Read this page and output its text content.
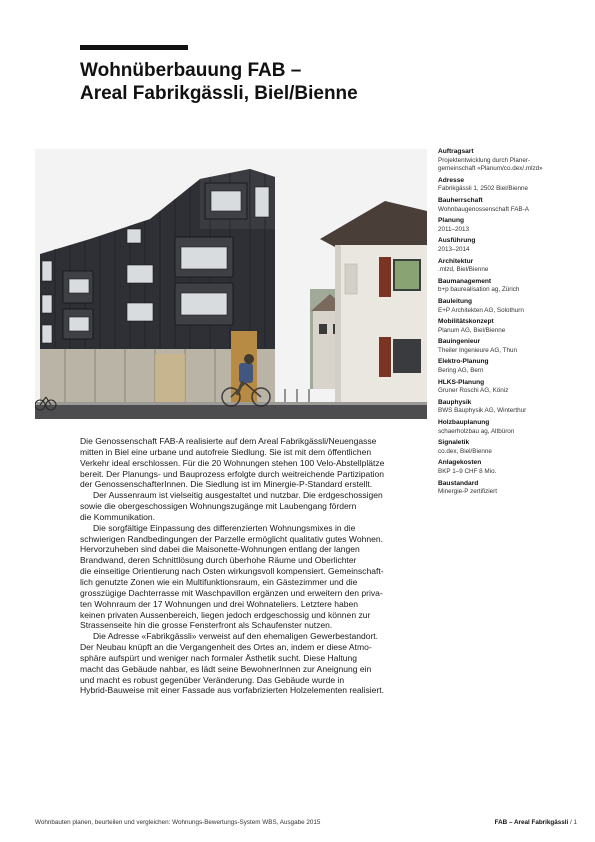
Wohnüberbauung FAB –
Areal Fabrikgässli, Biel/Bienne
Auftragsart
Projektentwicklung durch Planer-
gemeinschaft «Planum/co.dex/.mlzd»
Adresse
Fabrikgässli 1, 2502 Biel/Bienne
Bauherrschaft
Wohnbaugenossenschaft FAB-A
Planung
2011–2013
Ausführung
2013–2014
Architektur
.mlzd, Biel/Bienne
Baumanagement
b+p baurealisation ag, Zürich
Bauleitung
E+P Architekten AG, Solothurn
Mobilitätskonzept
Planum AG, Biel/Bienne
Bauingenieur
Theiler Ingenieure AG, Thun
Elektro-Planung
Bering AG, Bern
HLKS-Planung
Gruner Roschi AG, Köniz
Bauphysik
BWS Bauphysik AG, Winterthur
Holzbauplanung
schaerholzbau ag, Altbüron
Signaletik
co.dex, Biel/Bienne
Anlagekosten
BKP 1–9 CHF 8 Mio.
Baustandard
Minergie-P zertifiziert

Die Genossenschaft FAB-A realisierte auf dem Areal Fabrikgässli/Neuengasse
mitten in Biel eine urbane und autofreie Siedlung. Sie ist mit dem öffentlichen
Verkehr ideal erschlossen. Für die 20 Wohnungen stehen 100 Velo-Abstellplätze
bereit. Der Planungs- und Bauprozess erfolgte durch weitreichende Partizipation
der GenossenschafterInnen. Die Siedlung ist im Minergie-P-Standard erstellt.

Der Aussenraum ist vielseitig ausgestaltet und nutzbar. Die erdgeschossigen
sowie die obergeschossigen Wohnungszugänge mit Laubengang fördern
die Kommunikation.

Die sorgfältige Einpassung des differenzierten Wohnungsmixes in die
schwierigen Randbedingungen der Parzelle ermöglicht qualitativ gutes Wohnen.
Hervorzuheben sind dabei die Maisonette-Wohnungen entlang der langen
Brandwand, deren Schnittlösung durch überhohe Räume und Oberlichter
die einseitige Orientierung nach Osten wirkungsvoll kompensiert. Gemeinschaft-
lich genutzte Zonen wie ein Multifunktionsraum, ein Gästezimmer und die
grosszügige Dachterrasse mit Waschpavillon ergänzen und erweitern den priva-
ten Wohnraum der 17 Wohnungen und drei Wohnateliers. Letztere haben
keinen privaten Aussenbereich, liegen jedoch erdgeschossig und können zur
Strassenseite hin die grosse Fensterfront als Schaufenster nutzen.

Die Adresse «Fabrikgässli» verweist auf den ehemaligen Gewerbestandort.
Der Neubau knüpft an die Vergangenheit des Ortes an, indem er diese Atmo-
sphäre aufspürt und weniger nach formaler Ästhetik sucht. Diese Haltung
macht das Gebäude nahbar, es lädt seine BewohnerInnen zur Aneignung ein
und macht es robust gegenüber Veränderung. Das Gebäude wurde in
Hybrid-Bauweise mit einer Fassade aus vorfabrizierten Holzelementen realisiert.

Wohnbauten planen, beurteilen und vergleichen: Wohnungs-Bewertungs-System WBS, Ausgabe 2015	FAB – Areal Fabrikgässli / 1
